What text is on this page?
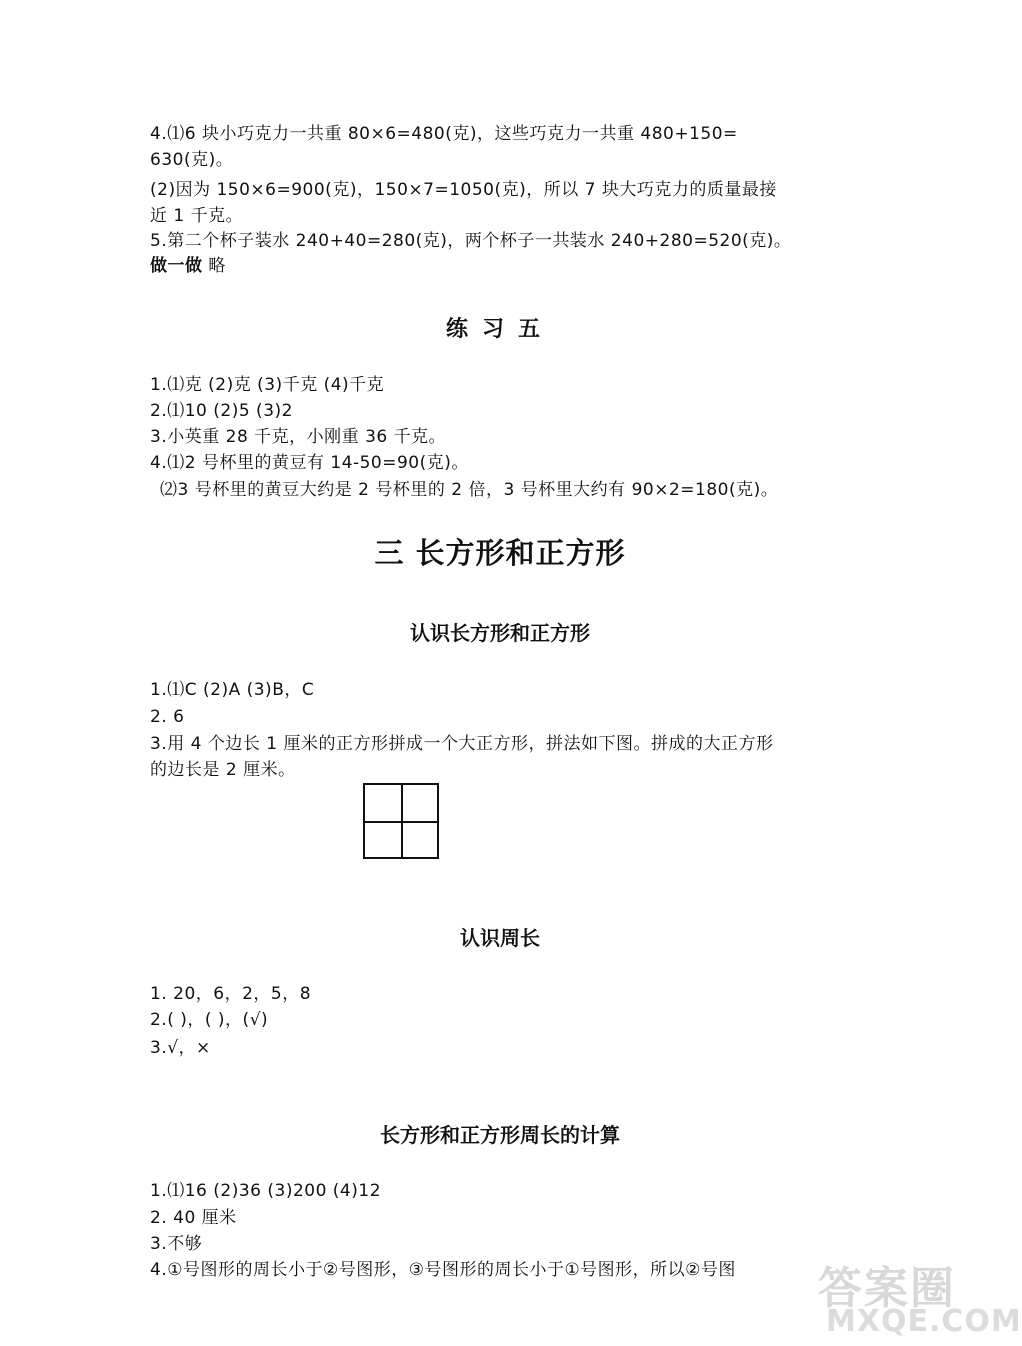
4.⑴6 块小巧克力一共重 80×6=480(克)，这些巧克力一共重 480+150=
630(克)。
(2)因为 150×6=900(克)，150×7=1050(克)，所以 7 块大巧克力的质量最接
近 1 千克。
5.第二个杯子装水 240+40=280(克)，两个杯子一共装水 240+280=520(克)。
做一做 略
练习五
1.⑴克 (2)克 (3)千克 (4)千克
2.⑴10 (2)5 (3)2
3.小英重 28 千克，小刚重 36 千克。
4.⑴2 号杯里的黄豆有 14-50=90(克)。
⑵3 号杯里的黄豆大约是 2 号杯里的 2 倍，3 号杯里大约有 90×2=180(克)。
三 长方形和正方形
认识长方形和正方形
1.⑴C (2)A (3)B，C
2. 6
3.用 4 个边长 1 厘米的正方形拼成一个大正方形，拼法如下图。拼成的大正方形
的边长是 2 厘米。
认识周长
1. 20，6，2，5，8
2.( )，( )，(√)
3.√，×
长方形和正方形周长的计算
1.⑴16 (2)36 (3)200 (4)12
2. 40 厘米
3.不够
4.①号图形的周长小于②号图形，③号图形的周长小于①号图形，所以②号图 答案圈
MXQE.COM
